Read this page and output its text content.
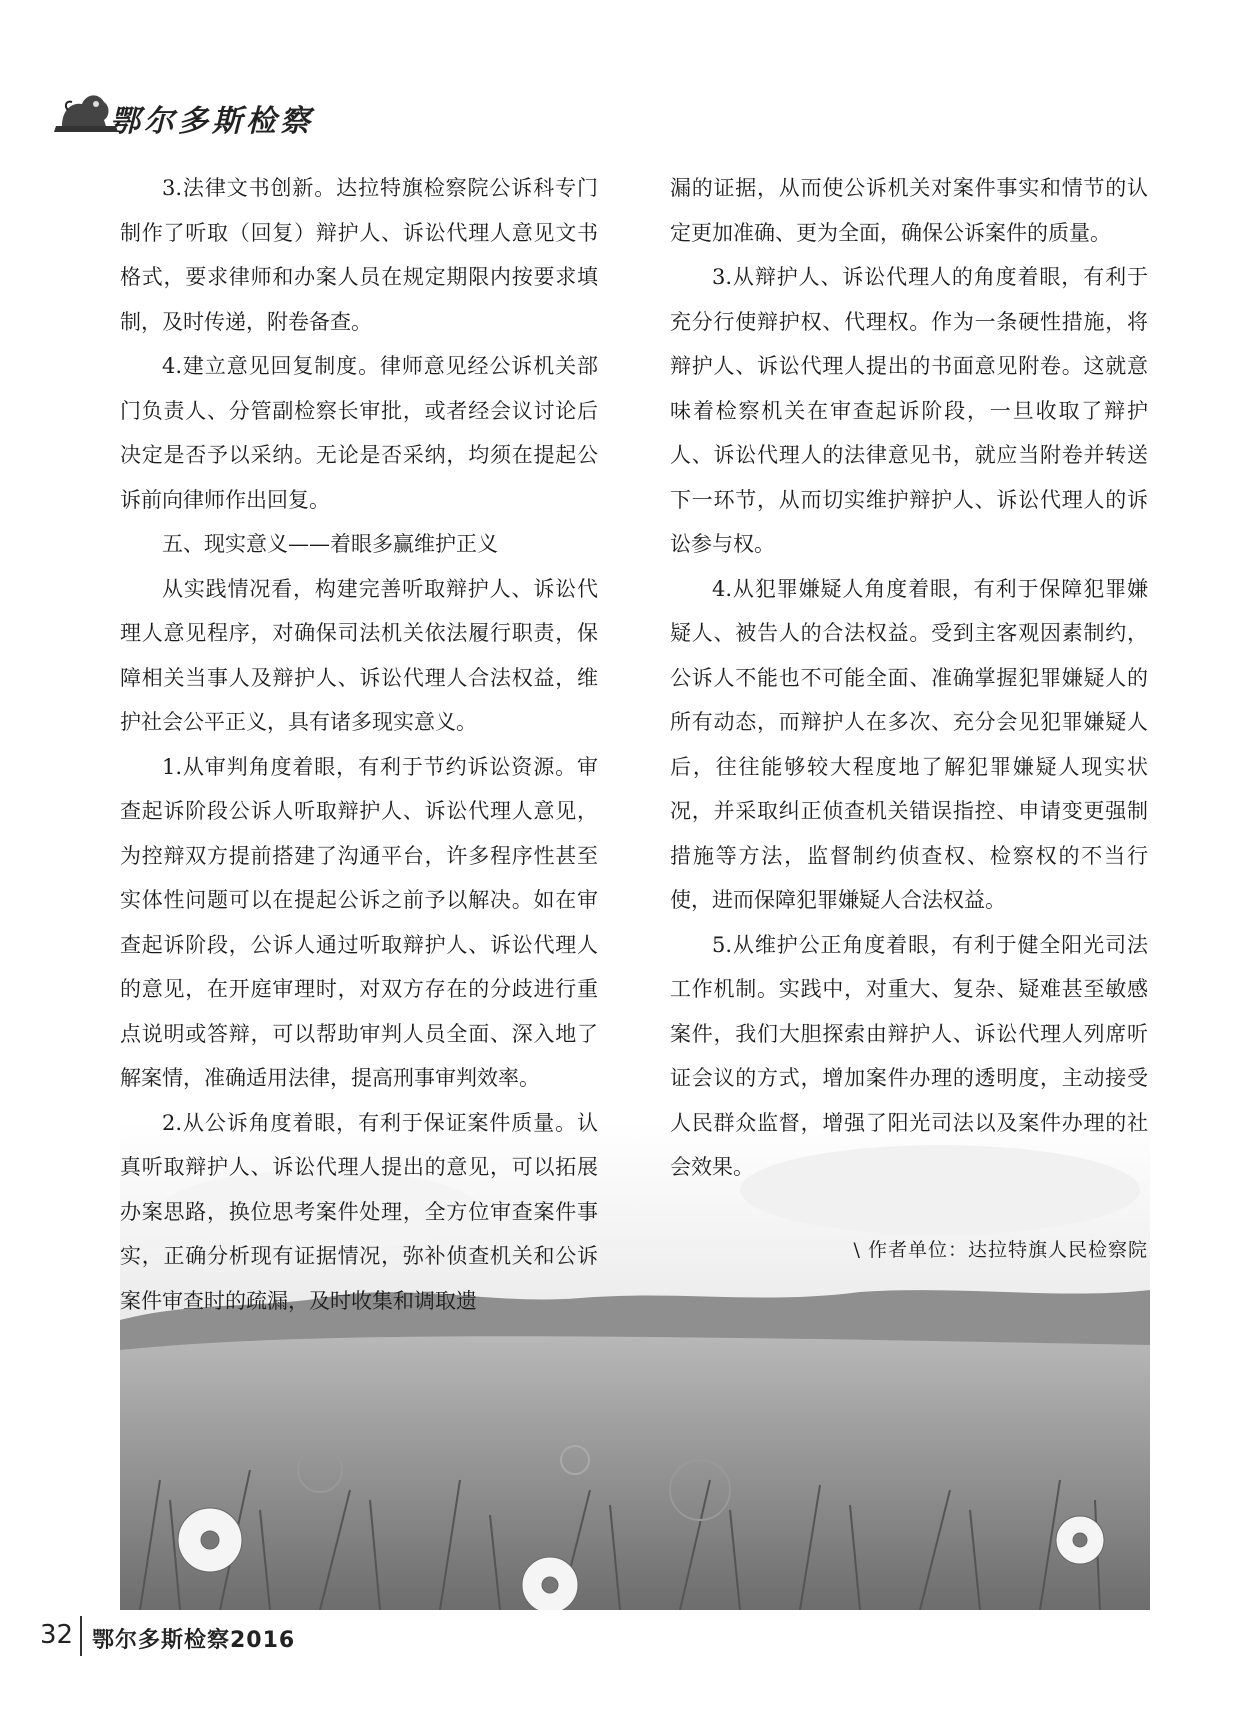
鄂尔多斯检察

3.法律文书创新。达拉特旗检察院公诉科专门制作了听取（回复）辩护人、诉讼代理人意见文书格式，要求律师和办案人员在规定期限内按要求填制，及时传递，附卷备查。

4.建立意见回复制度。律师意见经公诉机关部门负责人、分管副检察长审批，或者经会议讨论后决定是否予以采纳。无论是否采纳，均须在提起公诉前向律师作出回复。

五、现实意义——着眼多赢维护正义

从实践情况看，构建完善听取辩护人、诉讼代理人意见程序，对确保司法机关依法履行职责，保障相关当事人及辩护人、诉讼代理人合法权益，维护社会公平正义，具有诸多现实意义。

1.从审判角度着眼，有利于节约诉讼资源。审查起诉阶段公诉人听取辩护人、诉讼代理人意见，为控辩双方提前搭建了沟通平台，许多程序性甚至实体性问题可以在提起公诉之前予以解决。如在审查起诉阶段，公诉人通过听取辩护人、诉讼代理人的意见，在开庭审理时，对双方存在的分歧进行重点说明或答辩，可以帮助审判人员全面、深入地了解案情，准确适用法律，提高刑事审判效率。

2.从公诉角度着眼，有利于保证案件质量。认真听取辩护人、诉讼代理人提出的意见，可以拓展办案思路，换位思考案件处理，全方位审查案件事实，正确分析现有证据情况，弥补侦查机关和公诉案件审查时的疏漏，及时收集和调取遗

漏的证据，从而使公诉机关对案件事实和情节的认定更加准确、更为全面，确保公诉案件的质量。

3.从辩护人、诉讼代理人的角度着眼，有利于充分行使辩护权、代理权。作为一条硬性措施，将辩护人、诉讼代理人提出的书面意见附卷。这就意味着检察机关在审查起诉阶段，一旦收取了辩护人、诉讼代理人的法律意见书，就应当附卷并转送下一环节，从而切实维护辩护人、诉讼代理人的诉讼参与权。

4.从犯罪嫌疑人角度着眼，有利于保障犯罪嫌疑人、被告人的合法权益。受到主客观因素制约，公诉人不能也不可能全面、准确掌握犯罪嫌疑人的所有动态，而辩护人在多次、充分会见犯罪嫌疑人后，往往能够较大程度地了解犯罪嫌疑人现实状况，并采取纠正侦查机关错误指控、申请变更强制措施等方法，监督制约侦查权、检察权的不当行使，进而保障犯罪嫌疑人合法权益。

5.从维护公正角度着眼，有利于健全阳光司法工作机制。实践中，对重大、复杂、疑难甚至敏感案件，我们大胆探索由辩护人、诉讼代理人列席听证会议的方式，增加案件办理的透明度，主动接受人民群众监督，增强了阳光司法以及案件办理的社会效果。

\ 作者单位：达拉特旗人民检察院
32 鄂尔多斯检察2016
